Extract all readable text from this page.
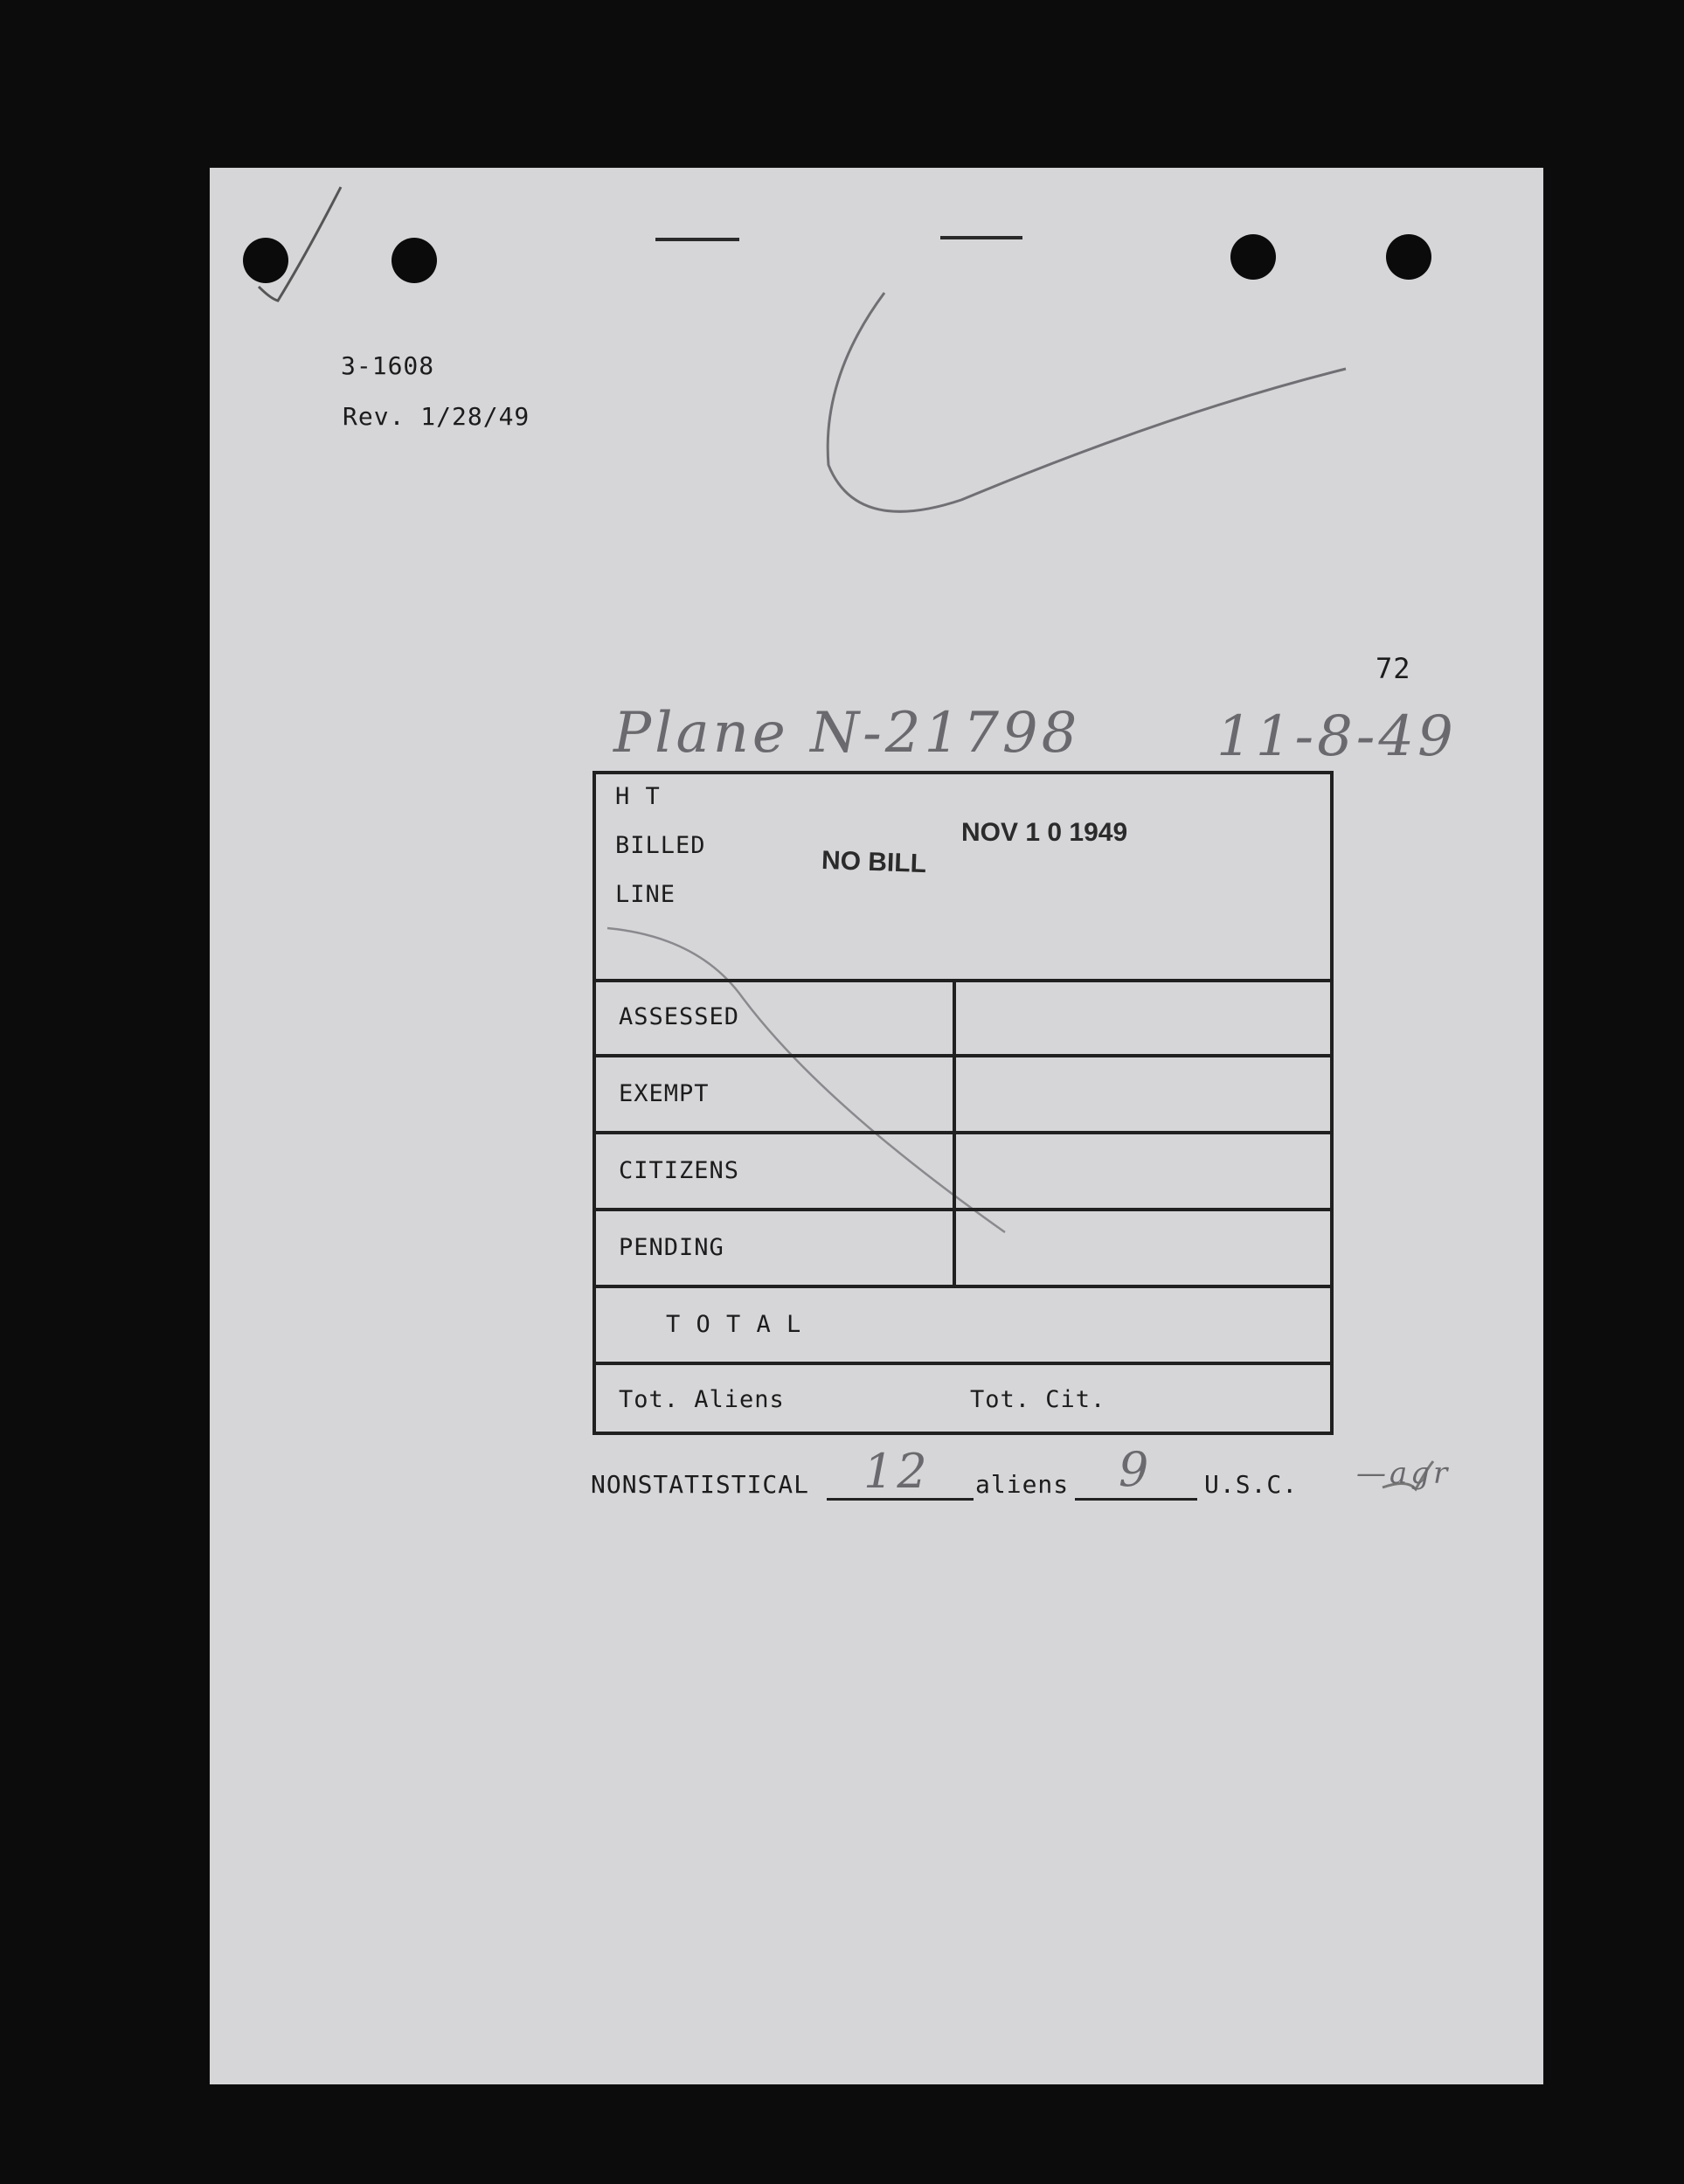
3-1608
Rev. 1/28/49
72
Plane N-21798 11-8-49
NO BILL
NOV 1 0 1949
H T
BILLED
LINE
ASSESSED
EXEMPT
CITIZENS
PENDING
T O T A L
Tot. Aliens	Tot. Cit.
NONSTATISTICAL 12 aliens 9 U.S.C. —agr
